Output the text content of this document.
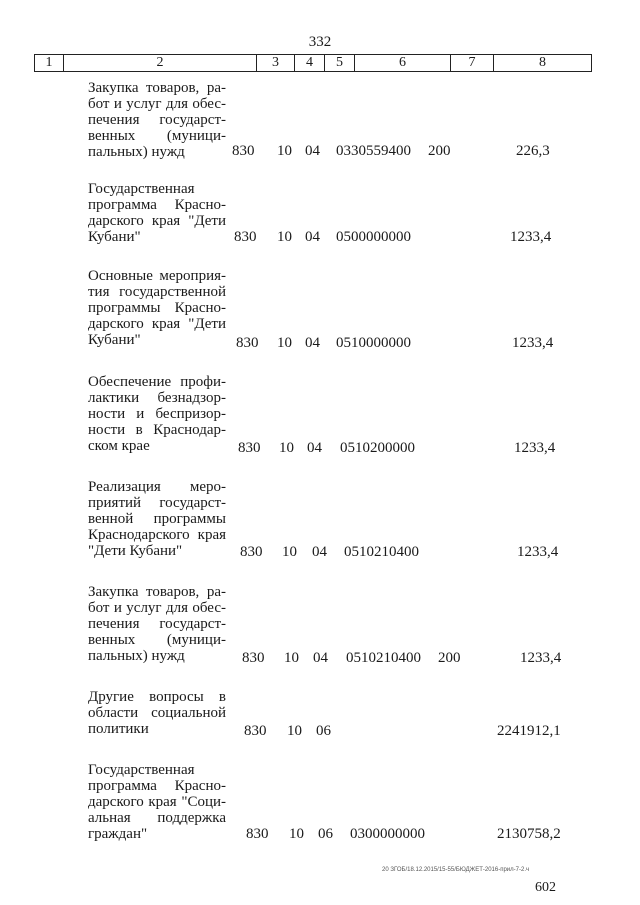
332
1	2	3	4	5	6	7	8
Закупка товаров, ра-
бот и услуг для обес-
печения государст-
венных (муници-
пальных) нужд	830 10 04 0330559400 200	226,3
Государственная
программа Красно-
дарского края "Дети
Кубани"	830 10 04 0500000000	1233,4
Основные мероприя-
тия государственной
программы Красно-
дарского края "Дети
Кубани"	830 10 04 0510000000	1233,4
Обеспечение профи-
лактики безнадзор-
ности и беспризор-
ности в Краснодар-
ском крае	830 10 04 0510200000	1233,4
Реализация меро-
приятий государст-
венной программы
Краснодарского края
"Дети Кубани"	830 10 04 0510210400	1233,4
Закупка товаров, ра-
бот и услуг для обес-
печения государст-
венных (муници-
пальных) нужд	830 10 04 0510210400 200	1233,4
Другие вопросы в
области социальной
политики	830 10 06	2241912,1
Государственная
программа Красно-
дарского края "Соци-
альная поддержка
граждан"	830 10 06 0300000000	2130758,2
20 ЗГОБ/18.12.2015/15-55/БЮДЖЕТ-2016-прил-7-2.ч
602
